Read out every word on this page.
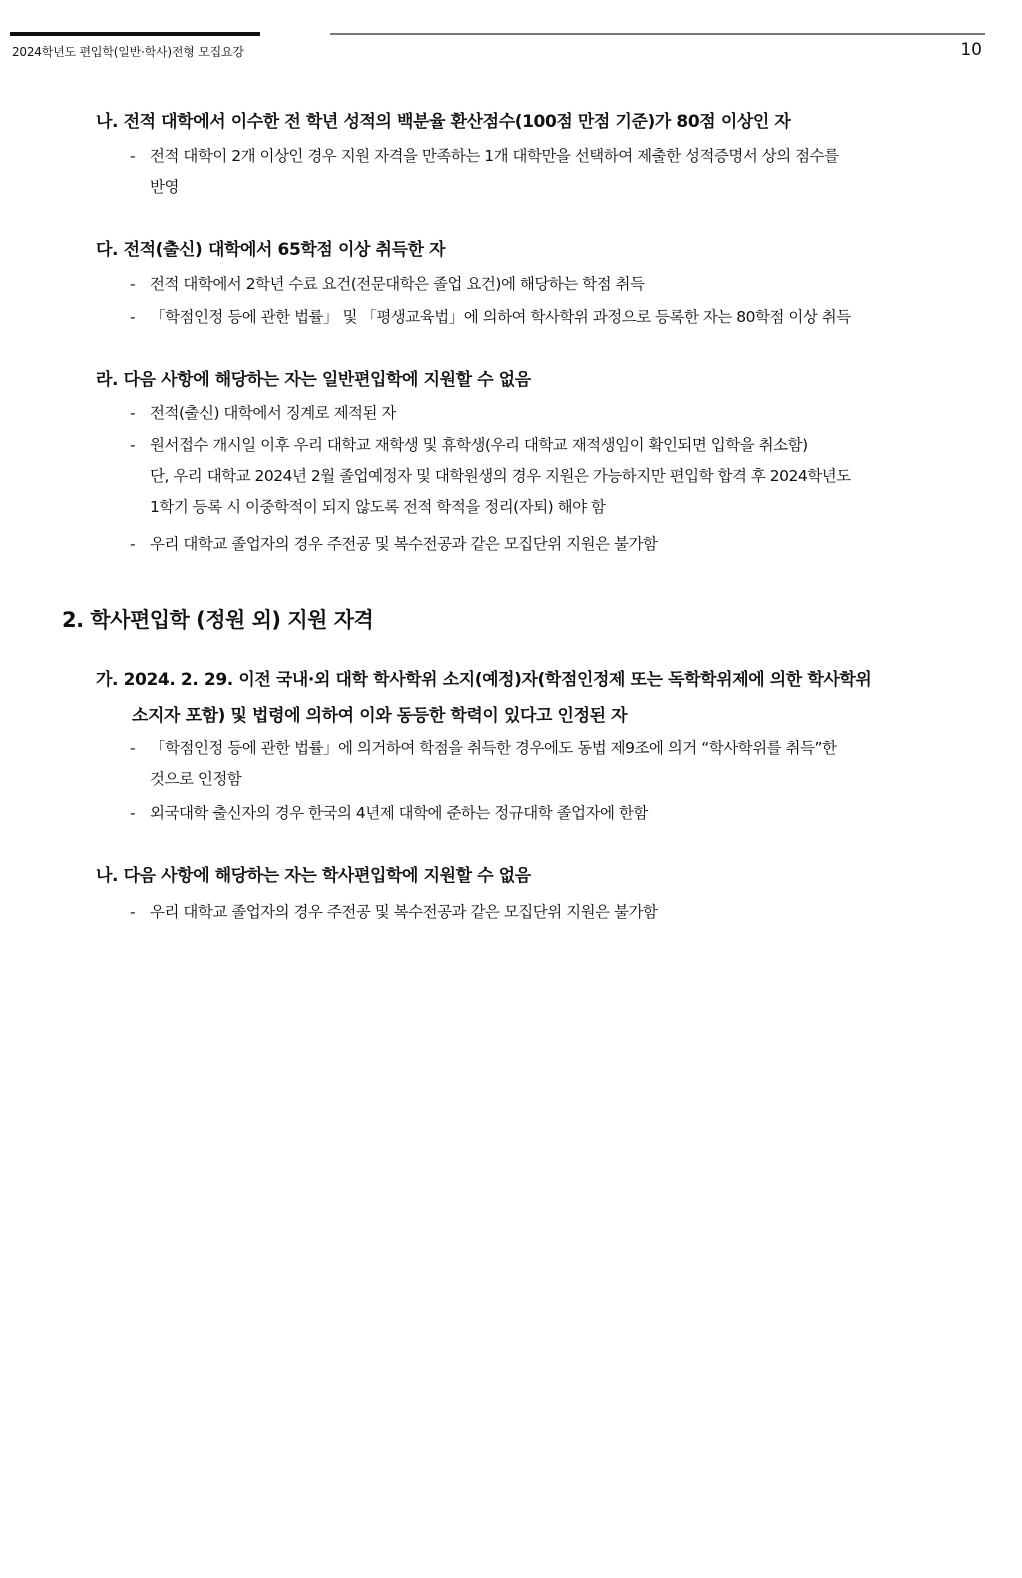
2024학년도 편입학(일반·학사)전형 모집요강	10
나. 전적 대학에서 이수한 전 학년 성적의 백분율 환산점수(100점 만점 기준)가 80점 이상인 자
- 전적 대학이 2개 이상인 경우 지원 자격을 만족하는 1개 대학만을 선택하여 제출한 성적증명서 상의 점수를
반영
다. 전적(출신) 대학에서 65학점 이상 취득한 자
- 전적 대학에서 2학년 수료 요건(전문대학은 졸업 요건)에 해당하는 학점 취득
- 「학점인정 등에 관한 법률」 및 「평생교육법」에 의하여 학사학위 과정으로 등록한 자는 80학점 이상 취득
라. 다음 사항에 해당하는 자는 일반편입학에 지원할 수 없음
- 전적(출신) 대학에서 징계로 제적된 자
- 원서접수 개시일 이후 우리 대학교 재학생 및 휴학생(우리 대학교 재적생임이 확인되면 입학을 취소함)
단, 우리 대학교 2024년 2월 졸업예정자 및 대학원생의 경우 지원은 가능하지만 편입학 합격 후 2024학년도
1학기 등록 시 이중학적이 되지 않도록 전적 학적을 정리(자퇴) 해야 함
- 우리 대학교 졸업자의 경우 주전공 및 복수전공과 같은 모집단위 지원은 불가함
2. 학사편입학 (정원 외) 지원 자격
가. 2024. 2. 29. 이전 국내·외 대학 학사학위 소지(예정)자(학점인정제 또는 독학학위제에 의한 학사학위
소지자 포함) 및 법령에 의하여 이와 동등한 학력이 있다고 인정된 자
- 「학점인정 등에 관한 법률」에 의거하여 학점을 취득한 경우에도 동법 제9조에 의거 “학사학위를 취득”한
것으로 인정함
- 외국대학 출신자의 경우 한국의 4년제 대학에 준하는 정규대학 졸업자에 한함
나. 다음 사항에 해당하는 자는 학사편입학에 지원할 수 없음
- 우리 대학교 졸업자의 경우 주전공 및 복수전공과 같은 모집단위 지원은 불가함
